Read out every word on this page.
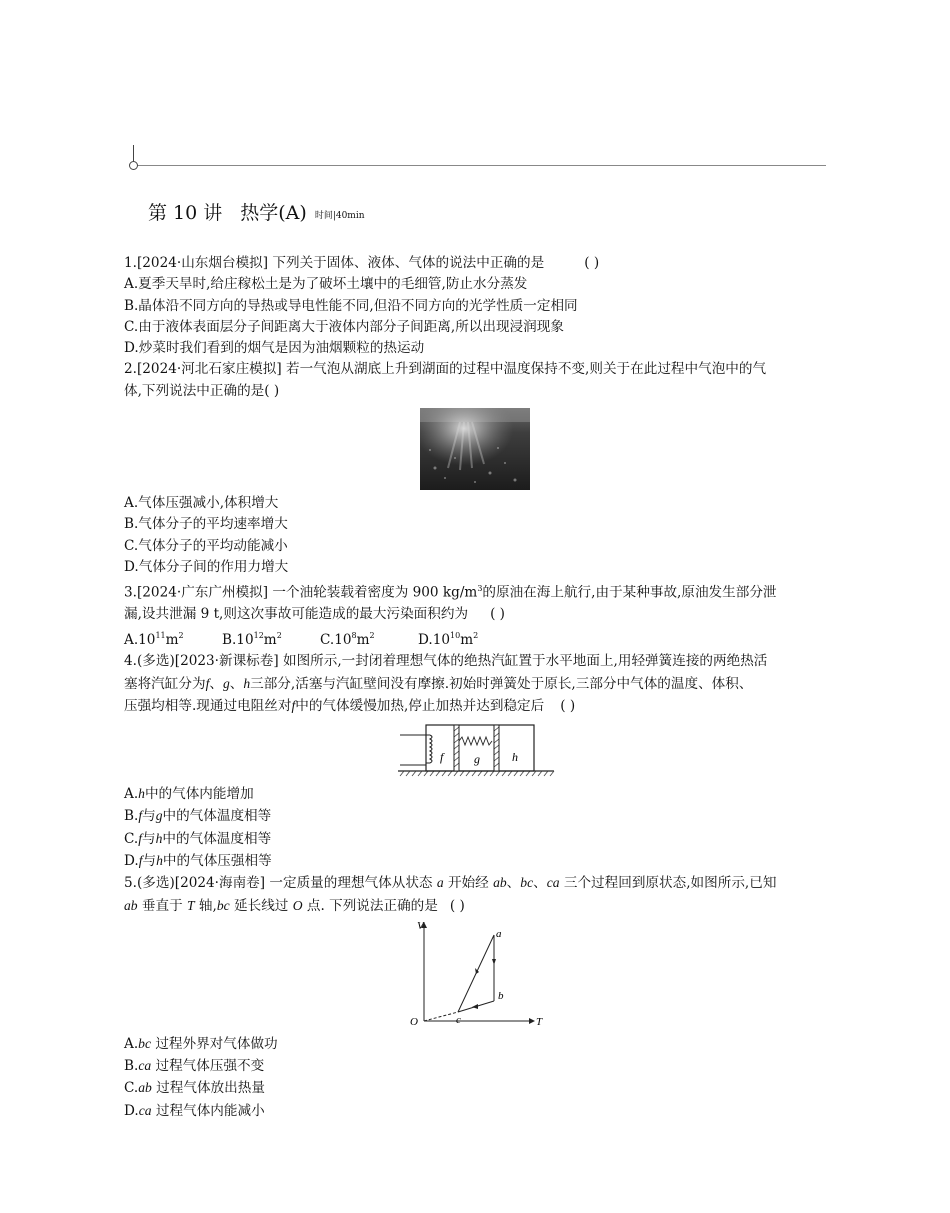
第 10 讲 热学(A) 时间|40min
1.[2024·山东烟台模拟] 下列关于固体、液体、气体的说法中正确的是	( )
A.夏季天旱时,给庄稼松土是为了破坏土壤中的毛细管,防止水分蒸发
B.晶体沿不同方向的导热或导电性能不同,但沿不同方向的光学性质一定相同
C.由于液体表面层分子间距离大于液体内部分子间距离,所以出现浸润现象
D.炒菜时我们看到的烟气是因为油烟颗粒的热运动
2.[2024·河北石家庄模拟] 若一气泡从湖底上升到湖面的过程中温度保持不变,则关于在此过程中气泡中的气
体,下列说法中正确的是( )
A.气体压强减小,体积增大
B.气体分子的平均速率增大
C.气体分子的平均动能减小
D.气体分子间的作用力增大
3.[2024·广东广州模拟] 一个油轮装载着密度为 900 $kg/m^3$的原油在海上航行,由于某种事故,原油发生部分泄
漏,设共泄漏 9 t,则这次事故可能造成的最大污染面积约为 ( )
$A.10^{11}m^2$	$B.10^{12}m^2$	$C.10^8m^2$	$D.10^{10}m^2$
4.(多选)[2023·新课标卷] 如图所示,一封闭着理想气体的绝热汽缸置于水平地面上,用轻弹簧连接的两绝热活
塞将汽缸分为f、g、h三部分,活塞与汽缸壁间没有摩擦.初始时弹簧处于原长,三部分中气体的温度、体积、
压强均相等.现通过电阻丝对f中的气体缓慢加热,停止加热并达到稳定后 ( )
f	g	h
A.h中的气体内能增加
B.f与g中的气体温度相等
C.f与h中的气体温度相等
D.f与h中的气体压强相等
5.(多选)[2024·海南卷] 一定质量的理想气体从状态 a 开始经 ab、bc、ca 三个过程回到原状态,如图所示,已知
ab 垂直于 T 轴,bc 延长线过 O 点. 下列说法正确的是 ( )
V
T
O
a
b
c
A.bc 过程外界对气体做功
B.ca 过程气体压强不变
C.ab 过程气体放出热量
D.ca 过程气体内能减小
